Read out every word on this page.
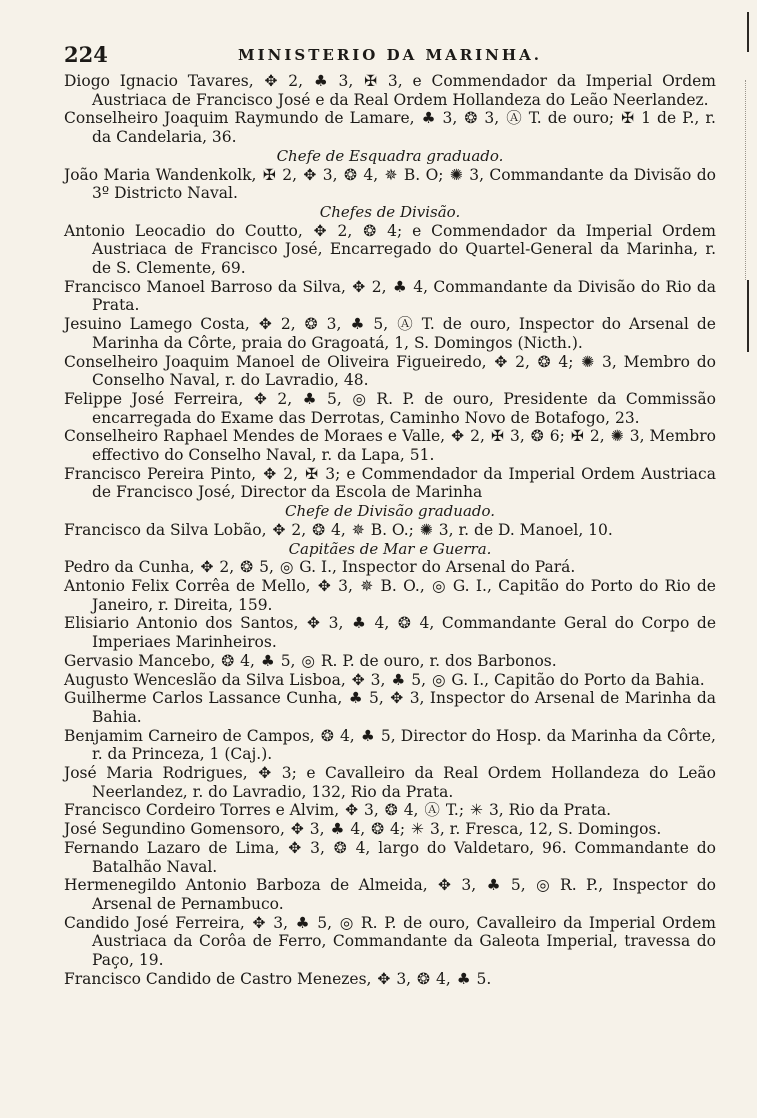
224	MINISTERIO DA MARINHA.
Diogo Ignacio Tavares, ✥ 2, ♣ 3, ✠ 3, e Commendador da Imperial Ordem Austriaca de Francisco José e da Real Ordem Hollandeza do Leão Neerlandez.
Conselheiro Joaquim Raymundo de Lamare, ♣ 3, ❂ 3, Ⓐ T. de ouro; ✠ 1 de P., r. da Candelaria, 36.
Chefe de Esquadra graduado.
João Maria Wandenkolk, ✠ 2, ✥ 3, ❂ 4, ✵ B. O; ✺ 3, Commandante da Divisão do 3º Districto Naval.
Chefes de Divisão.
Antonio Leocadio do Coutto, ✥ 2, ❂ 4; e Commendador da Imperial Ordem Austriaca de Francisco José, Encarregado do Quartel-General da Marinha, r. de S. Clemente, 69.
Francisco Manoel Barroso da Silva, ✥ 2, ♣ 4, Commandante da Divisão do Rio da Prata.
Jesuino Lamego Costa, ✥ 2, ❂ 3, ♣ 5, Ⓐ T. de ouro, Inspector do Arsenal de Marinha da Côrte, praia do Gragoatá, 1, S. Domingos (Nicth.).
Conselheiro Joaquim Manoel de Oliveira Figueiredo, ✥ 2, ❂ 4; ✺ 3, Membro do Conselho Naval, r. do Lavradio, 48.
Felippe José Ferreira, ✥ 2, ♣ 5, ◎ R. P. de ouro, Presidente da Commissão encarregada do Exame das Derrotas, Caminho Novo de Botafogo, 23.
Conselheiro Raphael Mendes de Moraes e Valle, ✥ 2, ✠ 3, ❂ 6; ✠ 2, ✺ 3, Membro effectivo do Conselho Naval, r. da Lapa, 51.
Francisco Pereira Pinto, ✥ 2, ✠ 3; e Commendador da Imperial Ordem Austriaca de Francisco José, Director da Escola de Marinha
Chefe de Divisão graduado.
Francisco da Silva Lobão, ✥ 2, ❂ 4, ✵ B. O.; ✺ 3, r. de D. Manoel, 10.
Capitães de Mar e Guerra.
Pedro da Cunha, ✥ 2, ❂ 5, ◎ G. I., Inspector do Arsenal do Pará.
Antonio Felix Corrêa de Mello, ✥ 3, ✵ B. O., ◎ G. I., Capitão do Porto do Rio de Janeiro, r. Direita, 159.
Elisiario Antonio dos Santos, ✥ 3, ♣ 4, ❂ 4, Commandante Geral do Corpo de Imperiaes Marinheiros.
Gervasio Mancebo, ❂ 4, ♣ 5, ◎ R. P. de ouro, r. dos Barbonos.
Augusto Wenceslão da Silva Lisboa, ✥ 3, ♣ 5, ◎ G. I., Capitão do Porto da Bahia.
Guilherme Carlos Lassance Cunha, ♣ 5, ✥ 3, Inspector do Arsenal de Marinha da Bahia.
Benjamim Carneiro de Campos, ❂ 4, ♣ 5, Director do Hosp. da Marinha da Côrte, r. da Princeza, 1 (Caj.).
José Maria Rodrigues, ✥ 3; e Cavalleiro da Real Ordem Hollandeza do Leão Neerlandez, r. do Lavradio, 132, Rio da Prata.
Francisco Cordeiro Torres e Alvim, ✥ 3, ❂ 4, Ⓐ T.; ✳ 3, Rio da Prata.
José Segundino Gomensoro, ✥ 3, ♣ 4, ❂ 4; ✳ 3, r. Fresca, 12, S. Domingos.
Fernando Lazaro de Lima, ✥ 3, ❂ 4, largo do Valdetaro, 96. Commandante do Batalhão Naval.
Hermenegildo Antonio Barboza de Almeida, ✥ 3, ♣ 5, ◎ R. P., Inspector do Arsenal de Pernambuco.
Candido José Ferreira, ✥ 3, ♣ 5, ◎ R. P. de ouro, Cavalleiro da Imperial Ordem Austriaca da Corôa de Ferro, Commandante da Galeota Imperial, travessa do Paço, 19.
Francisco Candido de Castro Menezes, ✥ 3, ❂ 4, ♣ 5.
